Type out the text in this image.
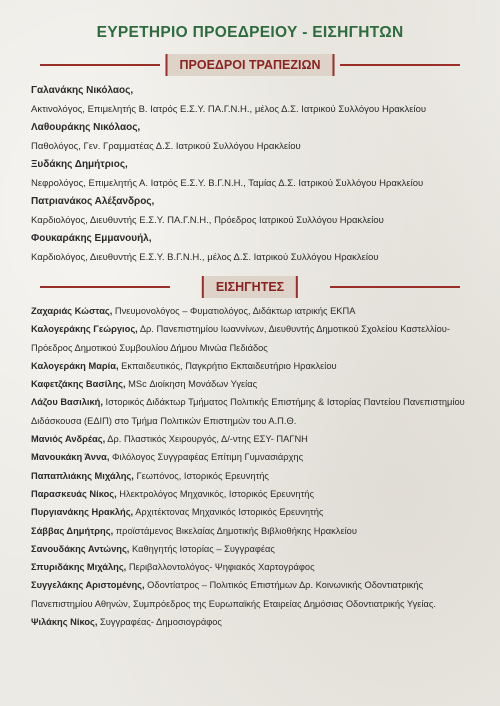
ΕΥΡΕΤΗΡΙΟ ΠΡΟΕΔΡΕΙΟΥ - ΕΙΣΗΓΗΤΩΝ
ΠΡΟΕΔΡΟΙ ΤΡΑΠΕΖΙΩΝ
Γαλανάκης Νικόλαος,
Ακτινολόγος, Επιμελητής Β. Ιατρός Ε.Σ.Υ. ΠΑ.Γ.Ν.Η., μέλος Δ.Σ. Ιατρικού Συλλόγου Ηρακλείου
Λαθουράκης Νικόλαος,
Παθολόγος, Γεν. Γραμματέας Δ.Σ. Ιατρικού Συλλόγου Ηρακλείου
Ξυδάκης Δημήτριος,
Νεφρολόγος, Επιμελητής Α. Ιατρός Ε.Σ.Υ. Β.Γ.Ν.Η., Ταμίας Δ.Σ. Ιατρικού Συλλόγου Ηρακλείου
Πατριανάκος Αλέξανδρος,
Καρδιολόγος, Διευθυντής Ε.Σ.Υ. ΠΑ.Γ.Ν.Η., Πρόεδρος Ιατρικού Συλλόγου Ηρακλείου
Φουκαράκης Εμμανουήλ,
Καρδιολόγος, Διευθυντής Ε.Σ.Υ. Β.Γ.Ν.Η., μέλος Δ.Σ. Ιατρικού Συλλόγου Ηρακλείου
ΕΙΣΗΓΗΤΕΣ
Ζαχαριάς Κώστας, Πνευμονολόγος – Φυματιολόγος, Διδάκτωρ ιατρικής ΕΚΠΑ
Καλογεράκης Γεώργιος, Δρ. Πανεπιστημίου Ιωαννίνων, Διευθυντής Δημοτικού Σχολείου Καστελλίου- Πρόεδρος Δημοτικού Συμβουλίου Δήμου Μινώα Πεδιάδος
Καλογεράκη Μαρία, Εκπαιδευτικός, Παγκρήτιο Εκπαιδευτήριο Ηρακλείου
Καφετζάκης Βασίλης, MSc Διοίκηση Μονάδων Υγείας
Λάζου Βασιλική, Ιστορικός Διδάκτωρ Τμήματος Πολιτικής Επιστήμης & Ιστορίας Παντείου Πανεπιστημίου Διδάσκουσα (ΕΔΙΠ) στο Τμήμα Πολιτικών Επιστημών του Α.Π.Θ.
Μανιός Ανδρέας, Δρ. Πλαστικός Χειρουργός, Δ/-ντης ΕΣΥ- ΠΑΓΝΗ
Μανουκάκη Άννα, Φιλόλογος Συγγραφέας Επίτιμη Γυμνασιάρχης
Παπαπλιάκης Μιχάλης, Γεωπόνος, Ιστορικός Ερευνητής
Παρασκευάς Νίκος, Ηλεκτρολόγος Μηχανικός, Ιστορικός Ερευνητής
Πυργιανάκης Ηρακλής, Αρχιτέκτονας Μηχανικός Ιστορικός Ερευνητής
Σάββας Δημήτρης, προϊστάμενος Βικελαίας Δημοτικής Βιβλιοθήκης Ηρακλείου
Σανουδάκης Αντώνης, Καθηγητής Ιστορίας – Συγγραφέας
Σπυριδάκης Μιχάλης, Περιβαλλοντολόγος- Ψηφιακός Χαρτογράφος
Συγγελάκης Αριστομένης, Οδοντίατρος – Πολιτικός Επιστήμων Δρ. Κοινωνικής Οδοντιατρικής Πανεπιστημίου Αθηνών, Συμπρόεδρος της Ευρωπαϊκής Εταιρείας Δημόσιας Οδοντιατρικής Υγείας.
Ψιλάκης Νίκος, Συγγραφέας- Δημοσιογράφος
